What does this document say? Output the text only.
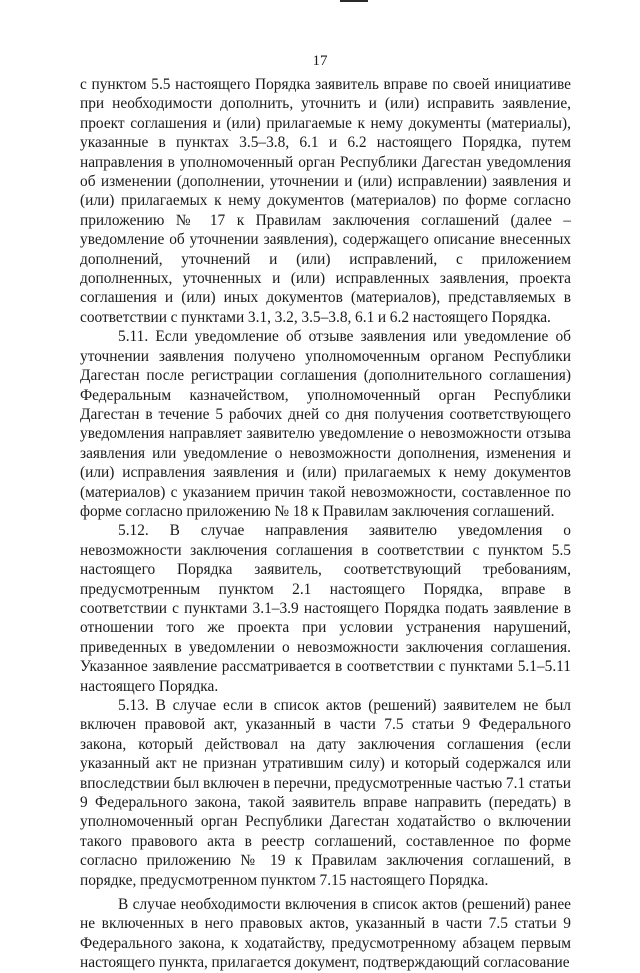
17

с пунктом 5.5 настоящего Порядка заявитель вправе по своей инициативе при необходимости дополнить, уточнить и (или) исправить заявление, проект соглашения и (или) прилагаемые к нему документы (материалы), указанные в пунктах 3.5–3.8, 6.1 и 6.2 настоящего Порядка, путем направления в уполномоченный орган Республики Дагестан уведомления об изменении (дополнении, уточнении и (или) исправлении) заявления и (или) прилагаемых к нему документов (материалов) по форме согласно приложению № 17 к Правилам заключения соглашений (далее – уведомление об уточнении заявления), содержащего описание внесенных дополнений, уточнений и (или) исправлений, с приложением дополненных, уточненных и (или) исправленных заявления, проекта соглашения и (или) иных документов (материалов), представляемых в соответствии с пунктами 3.1, 3.2, 3.5–3.8, 6.1 и 6.2 настоящего Порядка.

5.11. Если уведомление об отзыве заявления или уведомление об уточнении заявления получено уполномоченным органом Республики Дагестан после регистрации соглашения (дополнительного соглашения) Федеральным казначейством, уполномоченный орган Республики Дагестан в течение 5 рабочих дней со дня получения соответствующего уведомления направляет заявителю уведомление о невозможности отзыва заявления или уведомление о невозможности дополнения, изменения и (или) исправления заявления и (или) прилагаемых к нему документов (материалов) с указанием причин такой невозможности, составленное по форме согласно приложению № 18 к Правилам заключения соглашений.

5.12. В случае направления заявителю уведомления о невозможности заключения соглашения в соответствии с пунктом 5.5 настоящего Порядка заявитель, соответствующий требованиям, предусмотренным пунктом 2.1 настоящего Порядка, вправе в соответствии с пунктами 3.1–3.9 настоящего Порядка подать заявление в отношении того же проекта при условии устранения нарушений, приведенных в уведомлении о невозможности заключения соглашения. Указанное заявление рассматривается в соответствии с пунктами 5.1–5.11 настоящего Порядка.

5.13. В случае если в список актов (решений) заявителем не был включен правовой акт, указанный в части 7.5 статьи 9 Федерального закона, который действовал на дату заключения соглашения (если указанный акт не признан утратившим силу) и который содержался или впоследствии был включен в перечни, предусмотренные частью 7.1 статьи 9 Федерального закона, такой заявитель вправе направить (передать) в уполномоченный орган Республики Дагестан ходатайство о включении такого правового акта в реестр соглашений, составленное по форме согласно приложению № 19 к Правилам заключения соглашений, в порядке, предусмотренном пунктом 7.15 настоящего Порядка.

В случае необходимости включения в список актов (решений) ранее не включенных в него правовых актов, указанный в части 7.5 статьи 9 Федерального закона, к ходатайству, предусмотренному абзацем первым настоящего пункта, прилагается документ, подтверждающий согласование
